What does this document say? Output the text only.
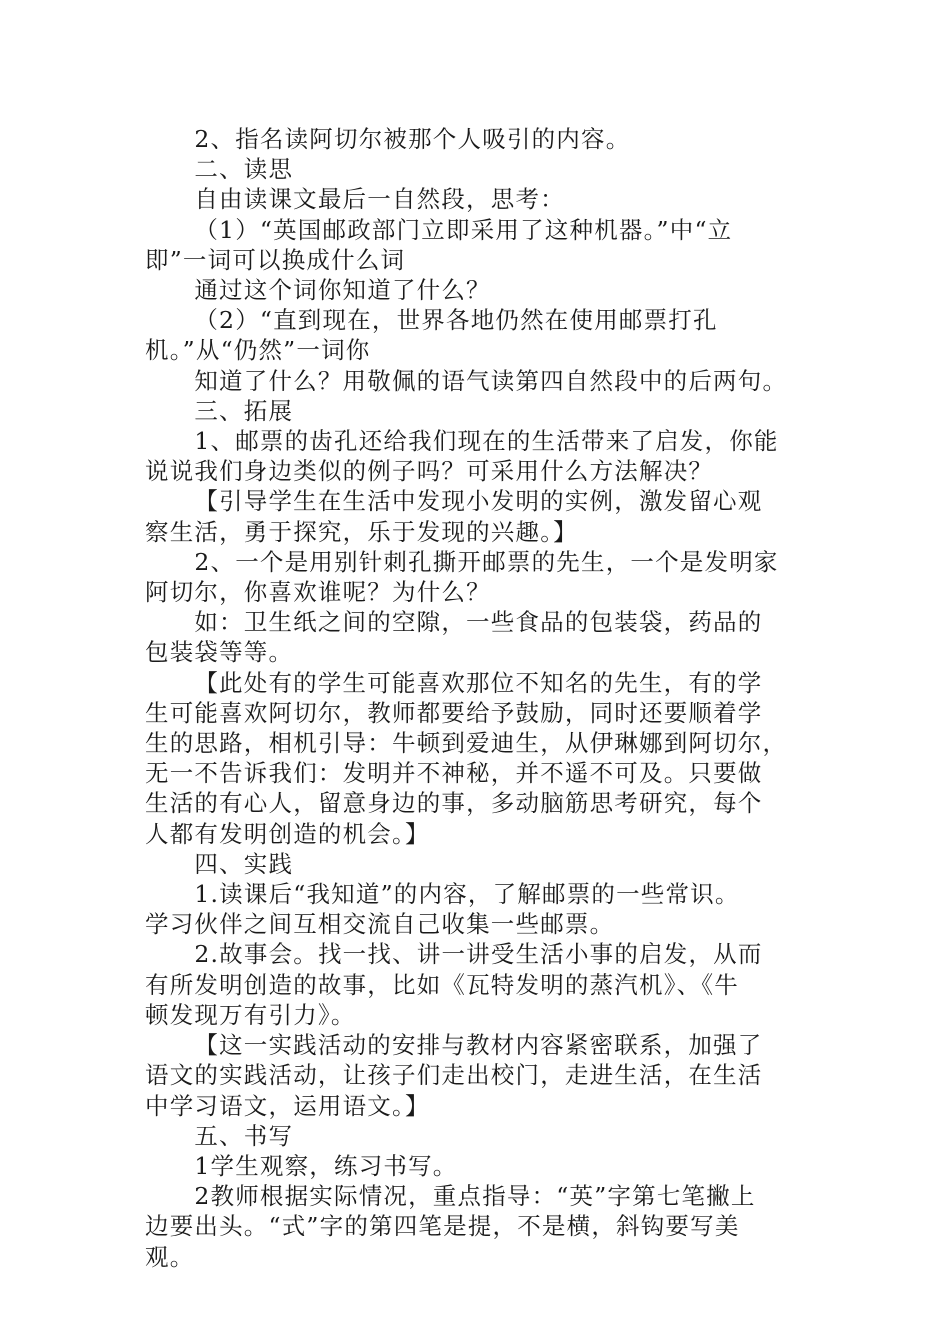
2、指名读阿切尔被那个人吸引的内容。
二、读思
自由读课文最后一自然段，思考：
（1）“英国邮政部门立即采用了这种机器。”中“立
即”一词可以换成什么词
通过这个词你知道了什么？
（2）“直到现在，世界各地仍然在使用邮票打孔
机。”从“仍然”一词你
知道了什么？用敬佩的语气读第四自然段中的后两句。
三、拓展
1、邮票的齿孔还给我们现在的生活带来了启发，你能
说说我们身边类似的例子吗？可采用什么方法解决？
【引导学生在生活中发现小发明的实例，激发留心观
察生活，勇于探究，乐于发现的兴趣。】
2、一个是用别针刺孔撕开邮票的先生，一个是发明家
阿切尔，你喜欢谁呢？为什么？
如：卫生纸之间的空隙，一些食品的包装袋，药品的
包装袋等等。
【此处有的学生可能喜欢那位不知名的先生，有的学
生可能喜欢阿切尔，教师都要给予鼓励，同时还要顺着学
生的思路，相机引导：牛顿到爱迪生，从伊琳娜到阿切尔，
无一不告诉我们：发明并不神秘，并不遥不可及。只要做
生活的有心人，留意身边的事，多动脑筋思考研究，每个
人都有发明创造的机会。】
四、实践
1.读课后“我知道”的内容，了解邮票的一些常识。
学习伙伴之间互相交流自己收集一些邮票。
2.故事会。找一找、讲一讲受生活小事的启发，从而
有所发明创造的故事，比如《瓦特发明的蒸汽机》、《牛
顿发现万有引力》。
【这一实践活动的安排与教材内容紧密联系，加强了
语文的实践活动，让孩子们走出校门，走进生活，在生活
中学习语文，运用语文。】
五、书写
1学生观察，练习书写。
2教师根据实际情况，重点指导：“英”字第七笔撇上
边要出头。“式”字的第四笔是提，不是横，斜钩要写美
观。
